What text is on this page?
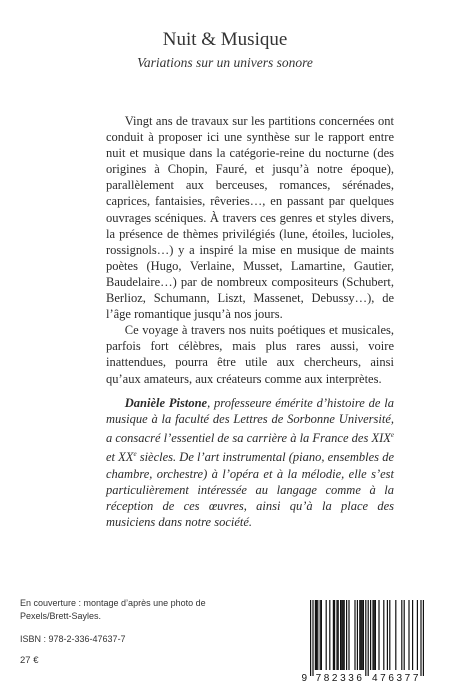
Nuit & Musique
Variations sur un univers sonore

Vingt ans de travaux sur les partitions concernées ont conduit à proposer ici une synthèse sur le rapport entre nuit et musique dans la catégorie-reine du nocturne (des origines à Chopin, Fauré, et jusqu’à notre époque), parallèlement aux berceuses, romances, sérénades, caprices, fantaisies, rêveries…, en passant par quelques ouvrages scéniques. À travers ces genres et styles divers, la présence de thèmes privilégiés (lune, étoiles, lucioles, rossignols…) y a inspiré la mise en musique de maints poètes (Hugo, Verlaine, Musset, Lamartine, Gautier, Baudelaire…) par de nombreux compositeurs (Schubert, Berlioz, Schumann, Liszt, Massenet, Debussy…), de l’âge romantique jusqu’à nos jours.

Ce voyage à travers nos nuits poétiques et musicales, parfois fort célèbres, mais plus rares aussi, voire inattendues, pourra être utile aux chercheurs, ainsi qu’aux amateurs, aux créateurs comme aux interprètes.

Danièle Pistone, professeure émérite d’histoire de la musique à la faculté des Lettres de Sorbonne Université, a consacré l’essentiel de sa carrière à la France des XIXe et XXe siècles. De l’art instrumental (piano, ensembles de chambre, orchestre) à l’opéra et à la mélodie, elle s’est particulièrement intéressée au langage comme à la réception de ces œuvres, ainsi qu’à la place des musiciens dans notre société.
En couverture : montage d’après une photo de Pexels/Brett-Sayles.
ISBN : 978-2-336-47637-7
27 €
9 782336 476377
